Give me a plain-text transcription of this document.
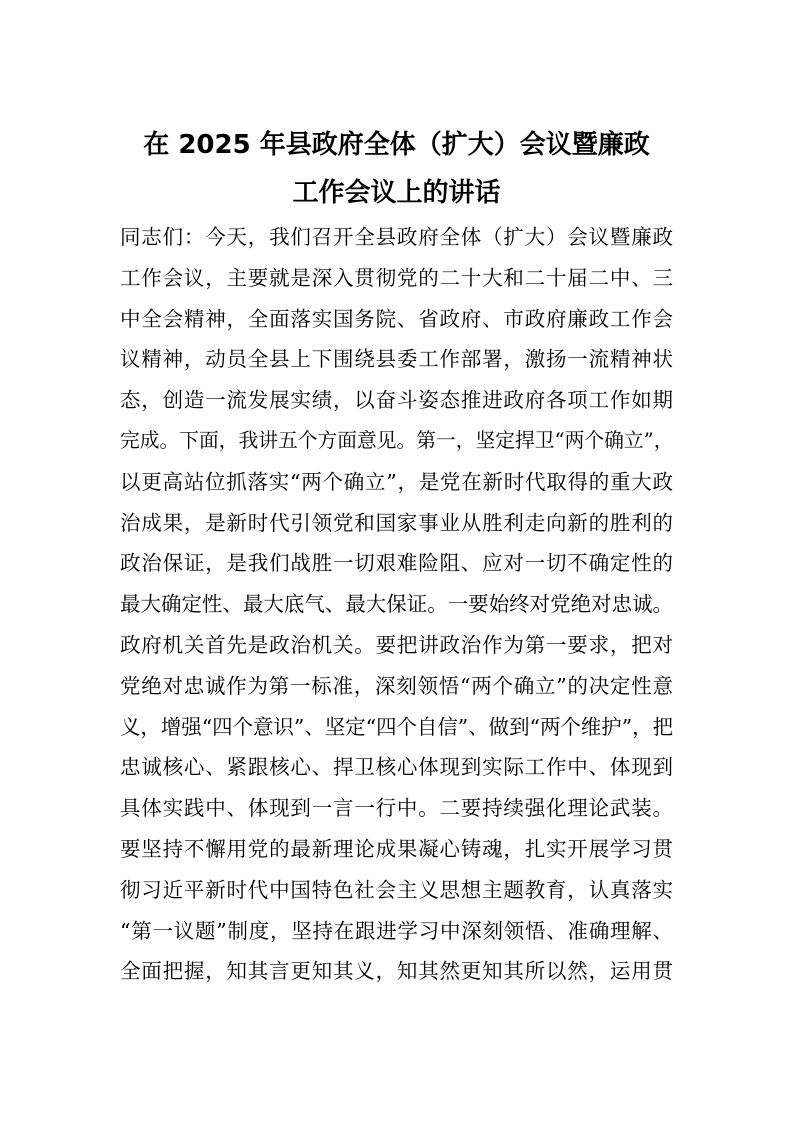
在 2025 年县政府全体（扩大）会议暨廉政
工作会议上的讲话
同志们：今天，我们召开全县政府全体（扩大）会议暨廉政
工作会议，主要就是深入贯彻党的二十大和二十届二中、三
中全会精神，全面落实国务院、省政府、市政府廉政工作会
议精神，动员全县上下围绕县委工作部署，激扬一流精神状
态，创造一流发展实绩，以奋斗姿态推进政府各项工作如期
完成。下面，我讲五个方面意见。第一，坚定捍卫“两个确立”，
以更高站位抓落实“两个确立”，是党在新时代取得的重大政
治成果，是新时代引领党和国家事业从胜利走向新的胜利的
政治保证，是我们战胜一切艰难险阻、应对一切不确定性的
最大确定性、最大底气、最大保证。一要始终对党绝对忠诚。
政府机关首先是政治机关。要把讲政治作为第一要求，把对
党绝对忠诚作为第一标准，深刻领悟“两个确立”的决定性意
义，增强“四个意识”、坚定“四个自信”、做到“两个维护”，把
忠诚核心、紧跟核心、捍卫核心体现到实际工作中、体现到
具体实践中、体现到一言一行中。二要持续强化理论武装。
要坚持不懈用党的最新理论成果凝心铸魂，扎实开展学习贯
彻习近平新时代中国特色社会主义思想主题教育，认真落实
“第一议题”制度，坚持在跟进学习中深刻领悟、准确理解、
全面把握，知其言更知其义，知其然更知其所以然，运用贯
